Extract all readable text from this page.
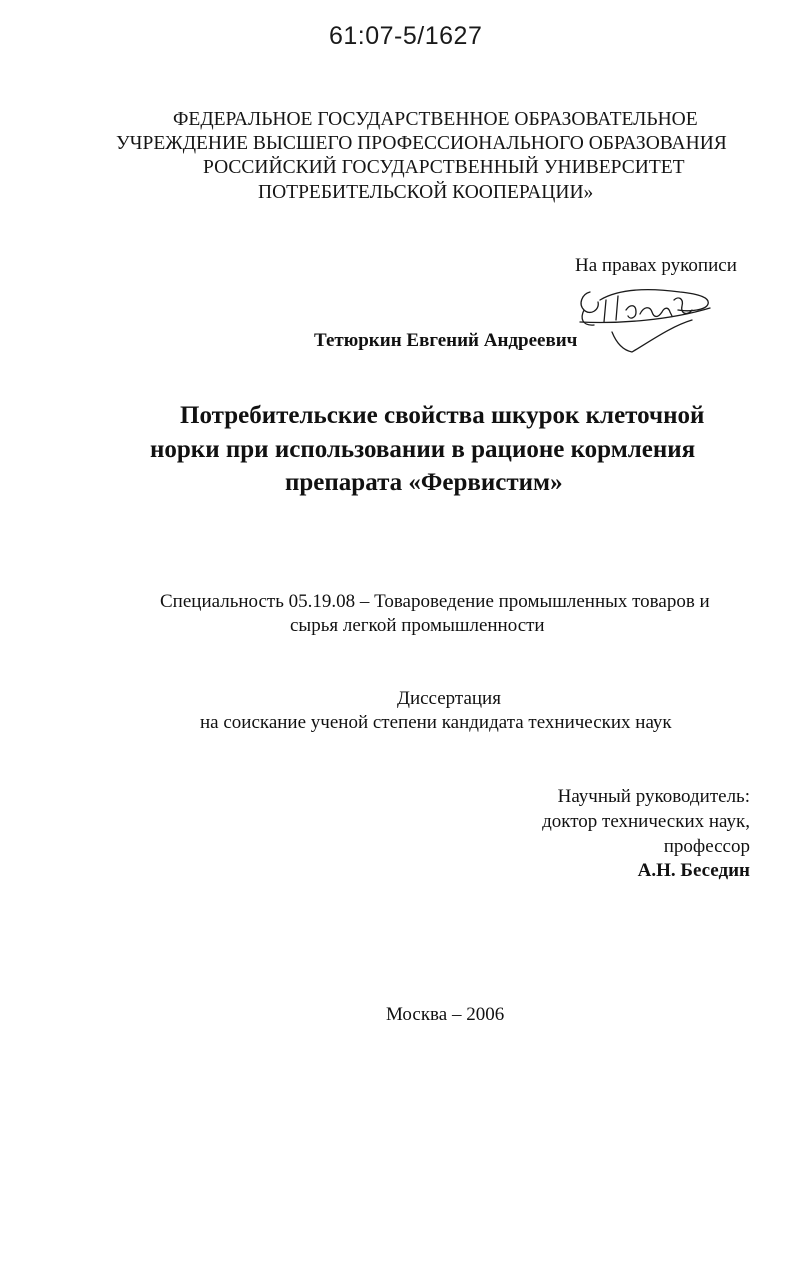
61:07-5/1627
ФЕДЕРАЛЬНОЕ ГОСУДАРСТВЕННОЕ ОБРАЗОВАТЕЛЬНОЕ
УЧРЕЖДЕНИЕ ВЫСШЕГО ПРОФЕССИОНАЛЬНОГО ОБРАЗОВАНИЯ
РОССИЙСКИЙ ГОСУДАРСТВЕННЫЙ УНИВЕРСИТЕТ
ПОТРЕБИТЕЛЬСКОЙ КООПЕРАЦИИ»
На правах рукописи
Тетюркин Евгений Андреевич
Потребительские свойства шкурок клеточной
норки при использовании в рационе кормления
препарата «Фервистим»
Специальность 05.19.08 – Товароведение промышленных товаров и
сырья легкой промышленности
Диссертация
на соискание ученой степени кандидата технических наук
Научный руководитель:
доктор технических наук,
профессор
А.Н. Беседин
Москва – 2006
